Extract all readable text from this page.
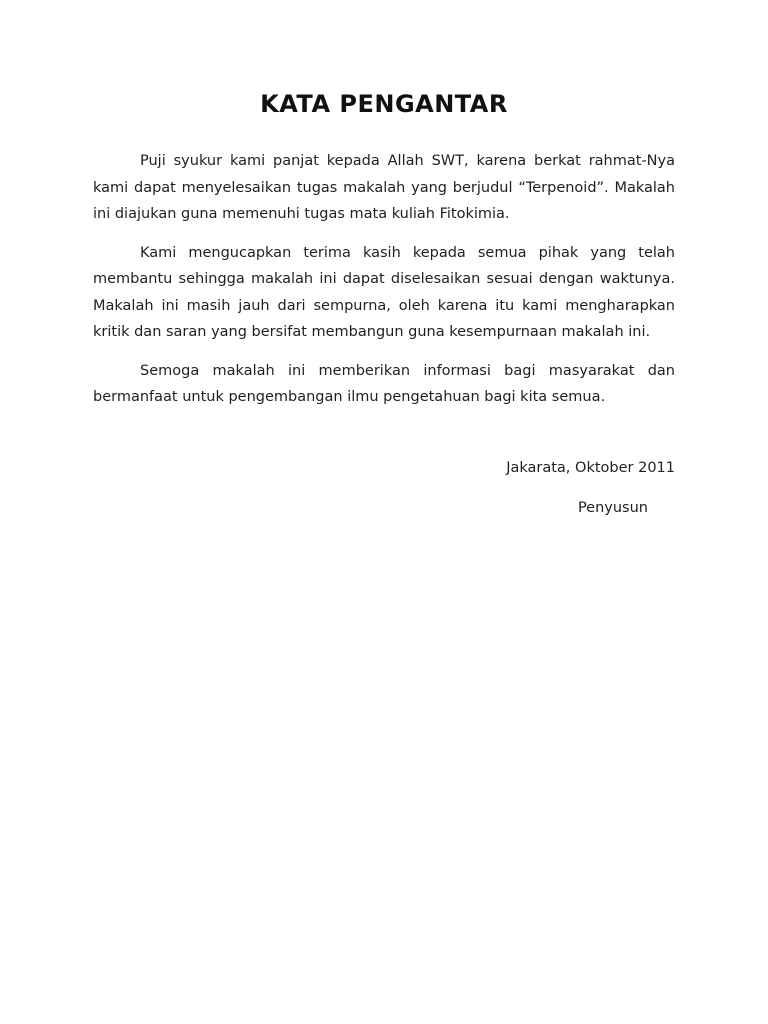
KATA PENGANTAR

Puji syukur kami panjat kepada Allah SWT, karena berkat rahmat-Nya kami dapat menyelesaikan tugas makalah yang berjudul “Terpenoid”. Makalah ini diajukan guna memenuhi tugas mata kuliah Fitokimia.

Kami mengucapkan terima kasih kepada semua pihak yang telah membantu sehingga makalah ini dapat diselesaikan sesuai dengan waktunya. Makalah ini masih jauh dari sempurna, oleh karena itu kami mengharapkan kritik dan saran yang bersifat membangun guna kesempurnaan makalah ini.

Semoga makalah ini memberikan informasi bagi masyarakat dan bermanfaat untuk pengembangan ilmu pengetahuan bagi kita semua.

Jakarata, Oktober 2011
Penyusun
